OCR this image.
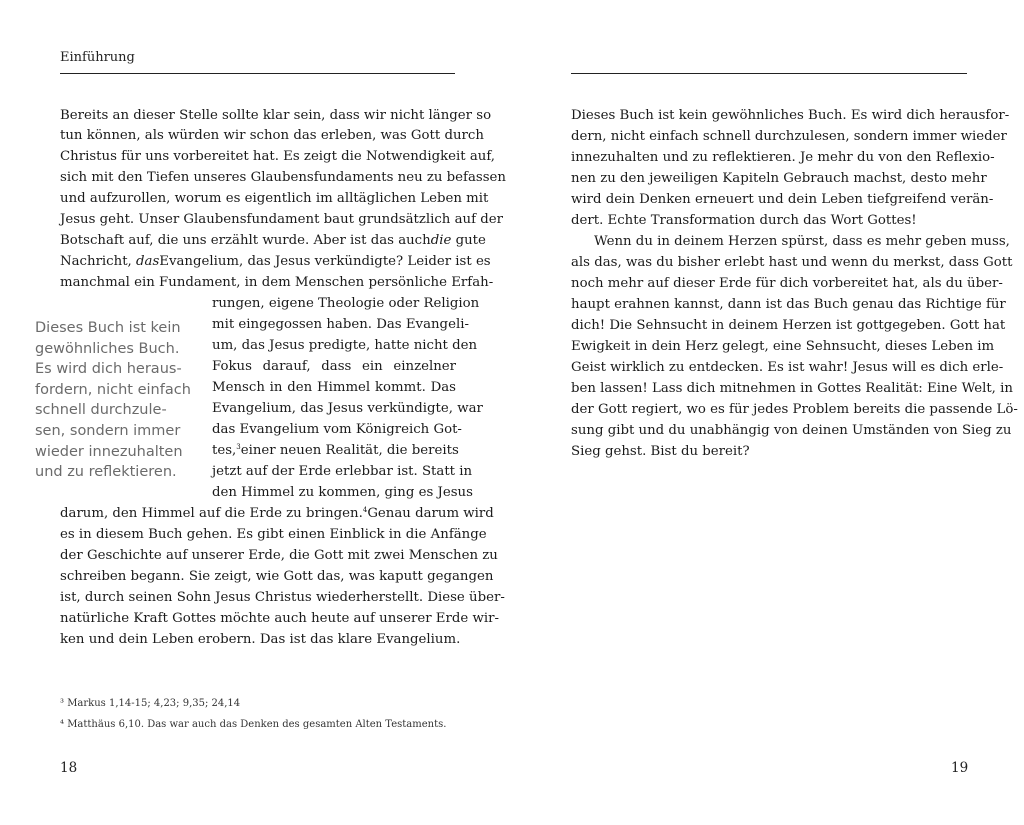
Einführung
Bereits an dieser Stelle sollte klar sein, dass wir nicht länger so
tun können, als würden wir schon das erleben, was Gott durch
Christus für uns vorbereitet hat. Es zeigt die Notwendigkeit auf,
sich mit den Tiefen unseres Glaubensfundaments neu zu befassen
und aufzurollen, worum es eigentlich im alltäglichen Leben mit
Jesus geht. Unser Glaubensfundament baut grundsätzlich auf der
Botschaft auf, die uns erzählt wurde. Aber ist das auch die gute
Nachricht, das Evangelium, das Jesus verkündigte? Leider ist es
manchmal ein Fundament, in dem Menschen persönliche Erfah-
rungen, eigene Theologie oder Religion
mit eingegossen haben. Das Evangeli-
um, das Jesus predigte, hatte nicht den
Fokus darauf, dass ein einzelner
Mensch in den Himmel kommt. Das
Evangelium, das Jesus verkündigte, war
das Evangelium vom Königreich Got-
tes,$^3$ einer neuen Realität, die bereits
jetzt auf der Erde erlebbar ist. Statt in
den Himmel zu kommen, ging es Jesus
darum, den Himmel auf die Erde zu bringen.$^4$ Genau darum wird
es in diesem Buch gehen. Es gibt einen Einblick in die Anfänge
der Geschichte auf unserer Erde, die Gott mit zwei Menschen zu
schreiben begann. Sie zeigt, wie Gott das, was kaputt gegangen
ist, durch seinen Sohn Jesus Christus wiederherstellt. Diese über-
natürliche Kraft Gottes möchte auch heute auf unserer Erde wir-
ken und dein Leben erobern. Das ist das klare Evangelium.
Dieses Buch ist kein
gewöhnliches Buch.
Es wird dich heraus-
fordern, nicht einfach
schnell durchzule-
sen, sondern immer
wieder innezuhalten
und zu reflektieren.
³ Markus 1,14-15; 4,23; 9,35; 24,14
⁴ Matthäus 6,10. Das war auch das Denken des gesamten Alten Testaments.
18
Dieses Buch ist kein gewöhnliches Buch. Es wird dich herausfor-
dern, nicht einfach schnell durchzulesen, sondern immer wieder
innezuhalten und zu reflektieren. Je mehr du von den Reflexio-
nen zu den jeweiligen Kapiteln Gebrauch machst, desto mehr
wird dein Denken erneuert und dein Leben tiefgreifend verän-
dert. Echte Transformation durch das Wort Gottes!
Wenn du in deinem Herzen spürst, dass es mehr geben muss,
als das, was du bisher erlebt hast und wenn du merkst, dass Gott
noch mehr auf dieser Erde für dich vorbereitet hat, als du über-
haupt erahnen kannst, dann ist das Buch genau das Richtige für
dich! Die Sehnsucht in deinem Herzen ist gottgegeben. Gott hat
Ewigkeit in dein Herz gelegt, eine Sehnsucht, dieses Leben im
Geist wirklich zu entdecken. Es ist wahr! Jesus will es dich erle-
ben lassen! Lass dich mitnehmen in Gottes Realität: Eine Welt, in
der Gott regiert, wo es für jedes Problem bereits die passende Lö-
sung gibt und du unabhängig von deinen Umständen von Sieg zu
Sieg gehst. Bist du bereit?
19
